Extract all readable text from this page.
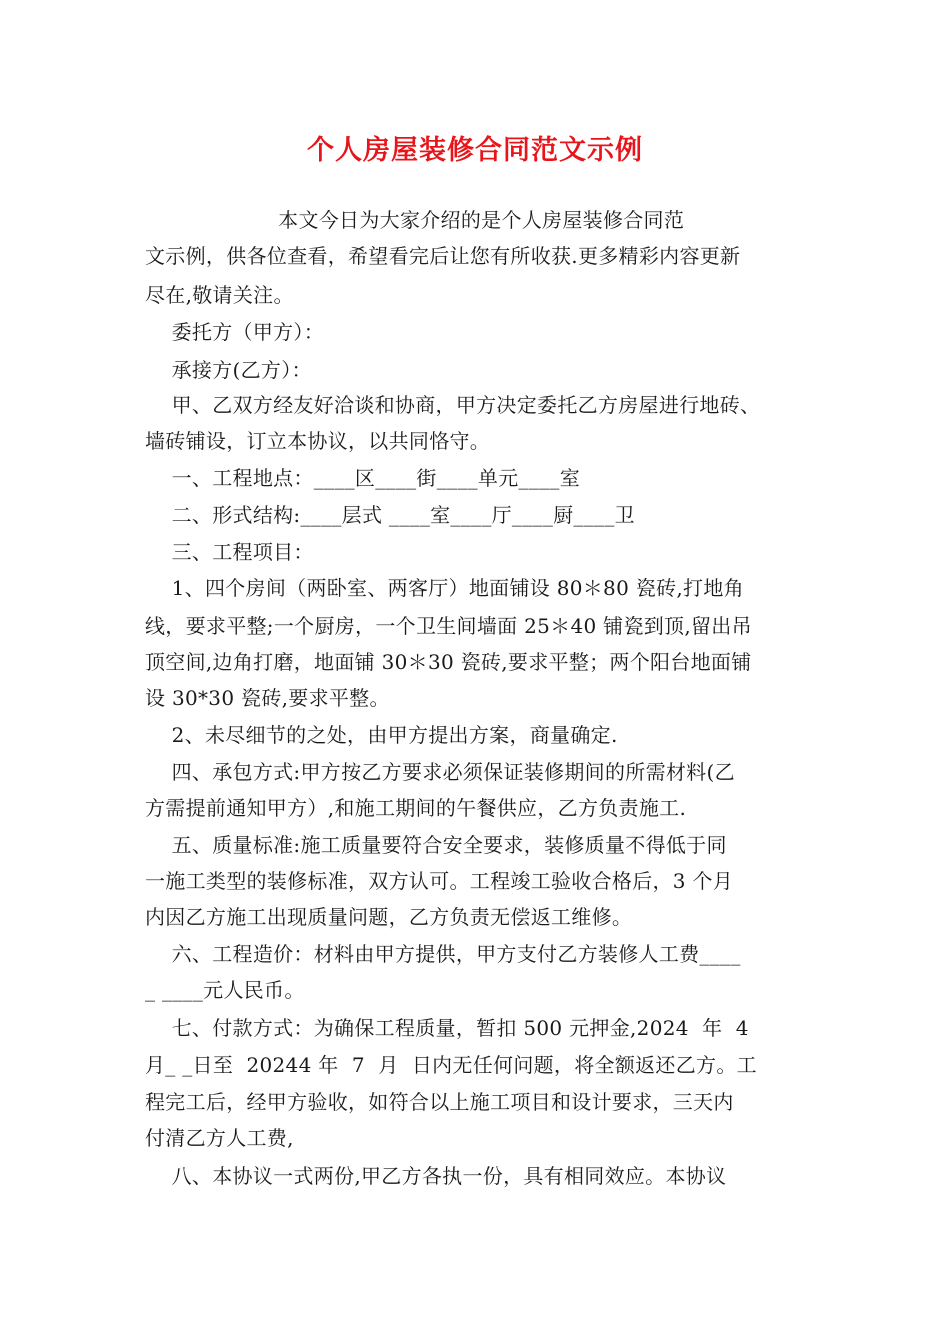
个人房屋装修合同范文示例
本文今日为大家介绍的是个人房屋装修合同范
文示例，供各位查看，希望看完后让您有所收获.更多精彩内容更新
尽在,敬请关注。
委托方（甲方）：
承接方(乙方）：
甲、乙双方经友好洽谈和协商，甲方决定委托乙方房屋进行地砖、
墙砖铺设，订立本协议，以共同恪守。
一、工程地点：____区____街____单元____室
二、形式结构:____层式 ____室____厅____厨____卫
三、工程项目：
1、四个房间（两卧室、两客厅）地面铺设 80＊80 瓷砖,打地角
线，要求平整;一个厨房，一个卫生间墙面 25＊40 铺瓷到顶,留出吊
顶空间,边角打磨，地面铺 30＊30 瓷砖,要求平整；两个阳台地面铺
设 30*30 瓷砖,要求平整。
2、未尽细节的之处，由甲方提出方案，商量确定.
四、承包方式:甲方按乙方要求必须保证装修期间的所需材料(乙
方需提前通知甲方）,和施工期间的午餐供应，乙方负责施工.
五、质量标准:施工质量要符合安全要求，装修质量不得低于同
一施工类型的装修标准，双方认可。工程竣工验收合格后，3 个月
内因乙方施工出现质量问题，乙方负责无偿返工维修。
六、工程造价：材料由甲方提供，甲方支付乙方装修人工费____
_ ____元人民币。
七、付款方式：为确保工程质量，暂扣 500 元押金,2024  年  4
月_ _日至  20244 年  7  月  日内无任何问题，将全额返还乙方。工
程完工后，经甲方验收，如符合以上施工项目和设计要求，三天内
付清乙方人工费,
八、本协议一式两份,甲乙方各执一份，具有相同效应。本协议
